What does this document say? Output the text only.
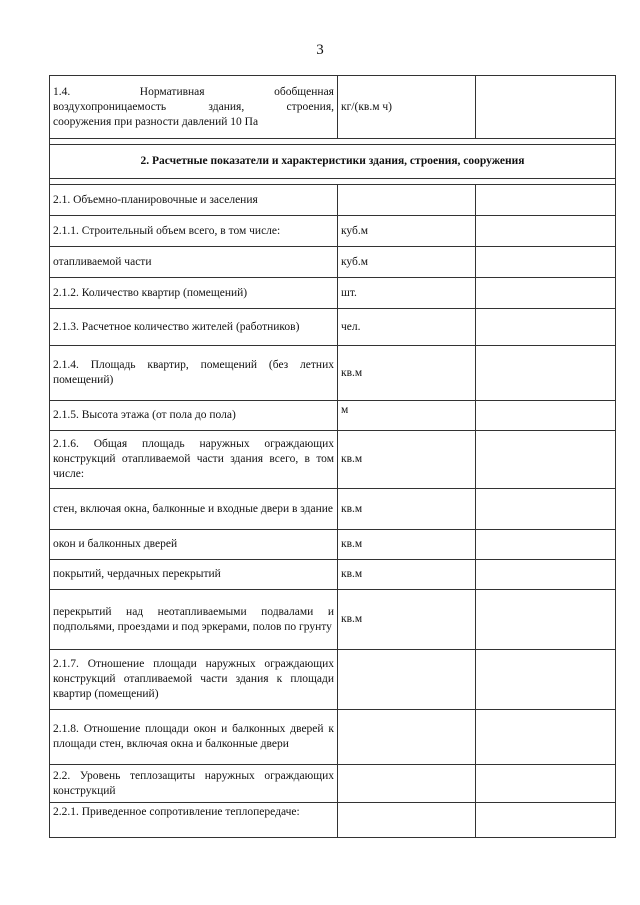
3
1.4. Нормативная обобщенная
воздухопроницаемость здания, строения,
сооружения при разности давлений 10 Па	кг/(кв.м ч)	

2. Расчетные показатели и характеристики здания, строения, сооружения		

2.1. Объемно-планировочные и заселения		
2.1.1. Строительный объем всего, в том числе:	куб.м	
отапливаемой части	куб.м	
2.1.2. Количество квартир (помещений)	шт.	
2.1.3. Расчетное количество жителей (работников)	чел.	
2.1.4. Площадь квартир, помещений (без летних помещений)	кв.м	
2.1.5. Высота этажа (от пола до пола)	м	
2.1.6. Общая площадь наружных ограждающих конструкций отапливаемой части здания всего, в том числе:	кв.м	
стен, включая окна, балконные и входные двери в здание	кв.м	
окон и балконных дверей	кв.м	
покрытий, чердачных перекрытий	кв.м	
перекрытий над неотапливаемыми подвалами и подпольями, проездами и под эркерами, полов по грунту	кв.м	
2.1.7. Отношение площади наружных ограждающих конструкций отапливаемой части здания к площади квартир (помещений)		
2.1.8. Отношение площади окон и балконных дверей к площади стен, включая окна и балконные двери		
2.2. Уровень теплозащиты наружных ограждающих конструкций		
2.2.1. Приведенное сопротивление теплопередаче:		
